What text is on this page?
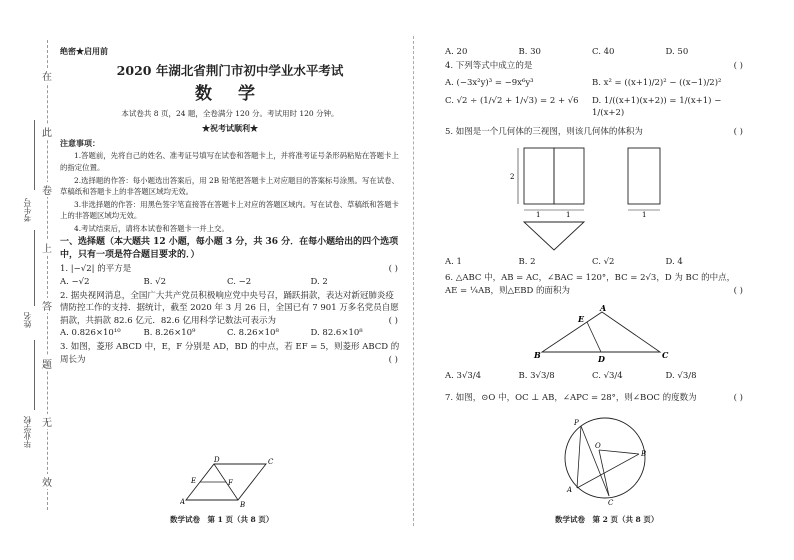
在
此
卷
上
答
题
无
效
考生号
姓名
毕业学校
绝密★启用前
2020 年湖北省荆门市初中学业水平考试
数 学
本试卷共 8 页，24 题，全卷满分 120 分。考试用时 120 分钟。
★祝考试顺利★
注意事项：
1.答题前，先将自己的姓名、准考证号填写在试卷和答题卡上，并将准考证号条形码粘贴在答题卡上的指定位置。
2.选择题的作答：每小题选出答案后，用 2B 铅笔把答题卡上对应题目的答案标号涂黑。写在试卷、草稿纸和答题卡上的非答题区域均无效。
3.非选择题的作答：用黑色签字笔直接答在答题卡上对应的答题区域内。写在试卷、草稿纸和答题卡上的非答题区域均无效。
4.考试结束后，请将本试卷和答题卡一并上交。
一、选择题（本大题共 12 小题，每小题 3 分，共 36 分．在每小题给出的四个选项中，只有一项是符合题目要求的．）
( )
1. |−√2| 的平方是
A. −√2	B. √2	C. −2	D. 2
2. 据央视网消息，全国广大共产党员积极响应党中央号召，踊跃捐款，表达对新冠肺炎疫情防控工作的支持．据统计，截至 2020 年 3 月 26 日，全国已有 7 901 万多名党员自愿捐款，共捐款 82.6 亿元．82.6 亿用科学记数法可表示为	( )
A. 0.826×10¹⁰	B. 8.26×10⁹	C. 8.26×10⁸	D. 82.6×10⁸
3. 如图，菱形 ABCD 中，E，F 分别是 AD，BD 的中点，若 EF = 5，则菱形 ABCD 的周长为	( )
D	C
E	F
A	B
数学试卷　第 1 页（共 8 页）
A. 20	B. 30	C. 40	D. 50
( )
4. 下列等式中成立的是
A. (−3x²y)³ = −9x⁶y³	B. x² = ((x+1)/2)² − ((x−1)/2)²
C. √2 ÷ (1/√2 + 1/√3) = 2 + √6	D. 1/((x+1)(x+2)) = 1/(x+1) − 1/(x+2)
( )
5. 如图是一个几何体的三视图，则该几何体的体积为
2
1	1	1
A. 1	B. 2	C. √2	D. 4
6. △ABC 中，AB = AC，∠BAC = 120°，BC = 2√3，D 为 BC 的中点，AE = ¼AB，则△EBD 的面积为	( )
A
E
B	D	C
A. 3√3/4	B. 3√3/8	C. √3/4	D. √3/8
( )
7. 如图，⊙O 中，OC ⊥ AB，∠APC = 28°，则∠BOC 的度数为
P
B
O
A
C
数学试卷　第 2 页（共 8 页）
